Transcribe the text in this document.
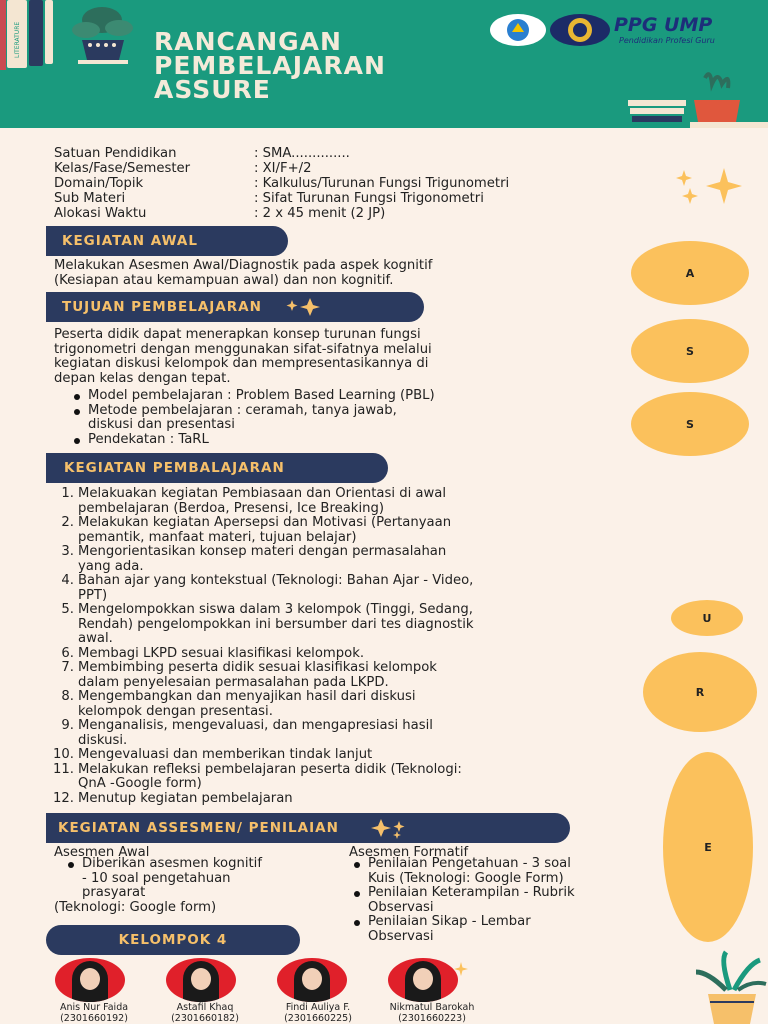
LITERATURE	RANCANGAN
PEMBELAJARAN
ASSURE
PPG UMP
Pendidikan Profesi Guru
Satuan Pendidikan	: SMA..............
Kelas/Fase/Semester	: XI/F+/2
Domain/Topik	: Kalkulus/Turunan Fungsi Trigunometri
Sub Materi	: Sifat Turunan Fungsi Trigonometri
Alokasi Waktu	: 2 x 45 menit (2 JP)
KEGIATAN AWAL
Melakukan Asesmen Awal/Diagnostik pada aspek kognitif
(Kesiapan atau kemampuan awal) dan non kognitif.
TUJUAN PEMBELAJARAN
Peserta didik dapat menerapkan konsep turunan fungsi
trigonometri dengan menggunakan sifat-sifatnya melalui
kegiatan diskusi kelompok dan mempresentasikannya di
depan kelas dengan tepat.
Model pembelajaran : Problem Based Learning (PBL)
Metode pembelajaran : ceramah, tanya jawab,
diskusi dan presentasi
Pendekatan : TaRL
KEGIATAN PEMBALAJARAN
1. Melakuakan kegiatan Pembiasaan dan Orientasi di awal
pembelajaran (Berdoa, Presensi, Ice Breaking)
2. Melakukan kegiatan Apersepsi dan Motivasi (Pertanyaan
pemantik, manfaat materi, tujuan belajar)
3. Mengorientasikan konsep materi dengan permasalahan
yang ada.
4. Bahan ajar yang kontekstual (Teknologi: Bahan Ajar - Video,
PPT)
5. Mengelompokkan siswa dalam 3 kelompok (Tinggi, Sedang,
Rendah) pengelompokkan ini bersumber dari tes diagnostik
awal.
6. Membagi LKPD sesuai klasifikasi kelompok.
7. Membimbing peserta didik sesuai klasifikasi kelompok
dalam penyelesaian permasalahan pada LKPD.
8. Mengembangkan dan menyajikan hasil dari diskusi
kelompok dengan presentasi.
9. Menganalisis, mengevaluasi, dan mengapresiasi hasil
diskusi.
10. Mengevaluasi dan memberikan tindak lanjut
11. Melakukan refleksi pembelajaran peserta didik (Teknologi:
QnA -Google form)
12. Menutup kegiatan pembelajaran
KEGIATAN ASSESMEN/ PENILAIAN
Asesmen Awal
Diberikan asesmen kognitif
- 10 soal pengetahuan
prasyarat
(Teknologi: Google form)
Asesmen Formatif
Penilaian Pengetahuan - 3 soal
Kuis (Teknologi: Google Form)
Penilaian Keterampilan - Rubrik
Observasi
Penilaian Sikap - Lembar
Observasi
KELOMPOK 4
Anis Nur Faida
(2301660192)
Astafil Khaq
(2301660182)
Findi Auliya F.
(2301660225)
Nikmatul Barokah
(2301660223)
A
S
S
U
R
E
